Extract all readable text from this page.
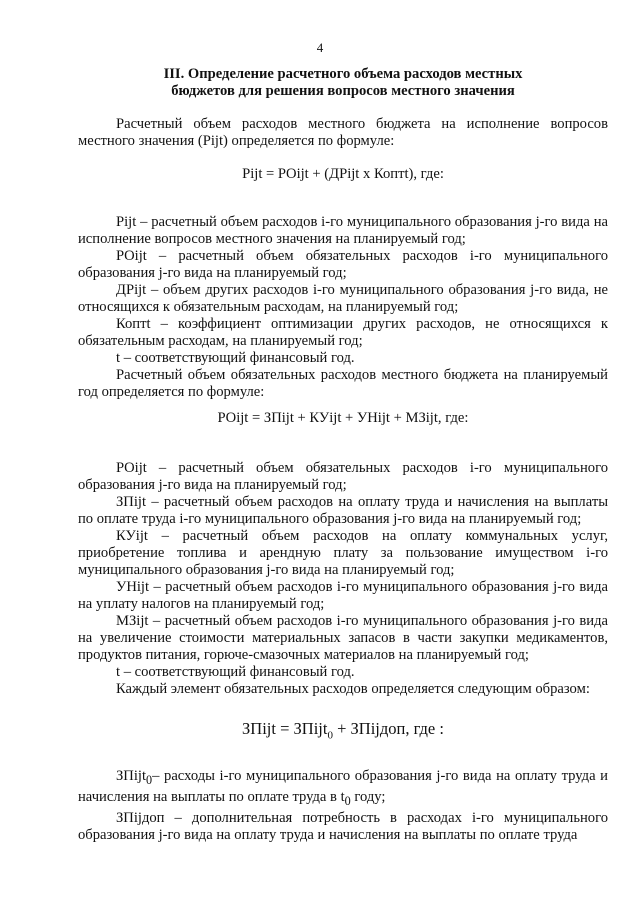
4
III. Определение расчетного объема расходов местных
бюджетов для решения вопросов местного значения

Расчетный объем расходов местного бюджета на исполнение вопросов местного значения (Pijt) определяется по формуле:

Pijt = POijt + (ДPijt х Коптt), где:

Pijt – расчетный объем расходов i-го муниципального образования j-го вида на исполнение вопросов местного значения на планируемый год;

POijt – расчетный объем обязательных расходов i-го муниципального образования j-го вида на планируемый год;

ДPijt – объем других расходов i-го муниципального образования j-го вида, не относящихся к обязательным расходам, на планируемый год;

Коптt – коэффициент оптимизации других расходов, не относящихся к обязательным расходам, на планируемый год;

t – соответствующий финансовый год.

Расчетный объем обязательных расходов местного бюджета на планируемый год определяется по формуле:

POijt = ЗПijt + КУijt + УНijt + МЗijt, где:

POijt – расчетный объем обязательных расходов i-го муниципального образования j-го вида на планируемый год;

ЗПijt – расчетный объем расходов на оплату труда и начисления на выплаты по оплате труда i-го муниципального образования j-го вида на планируемый год;

КУijt – расчетный объем расходов на оплату коммунальных услуг, приобретение топлива и арендную плату за пользование имуществом i-го муниципального образования j-го вида на планируемый год;

УНijt – расчетный объем расходов i-го муниципального образования j-го вида на уплату налогов на планируемый год;

МЗijt – расчетный объем расходов i-го муниципального образования j-го вида на увеличение стоимости материальных запасов в части закупки медикаментов, продуктов питания, горюче-смазочных материалов на планируемый год;

t – соответствующий финансовый год.

Каждый элемент обязательных расходов определяется следующим образом:

ЗПijt = ЗПijt$_0$ + ЗПijдоп, где :

ЗПijt$_0$– расходы i-го муниципального образования j-го вида на оплату труда и начисления на выплаты по оплате труда в $t_0$ году;

ЗПijдоп – дополнительная потребность в расходах i-го муниципального образования j-го вида на оплату труда и начисления на выплаты по оплате труда
